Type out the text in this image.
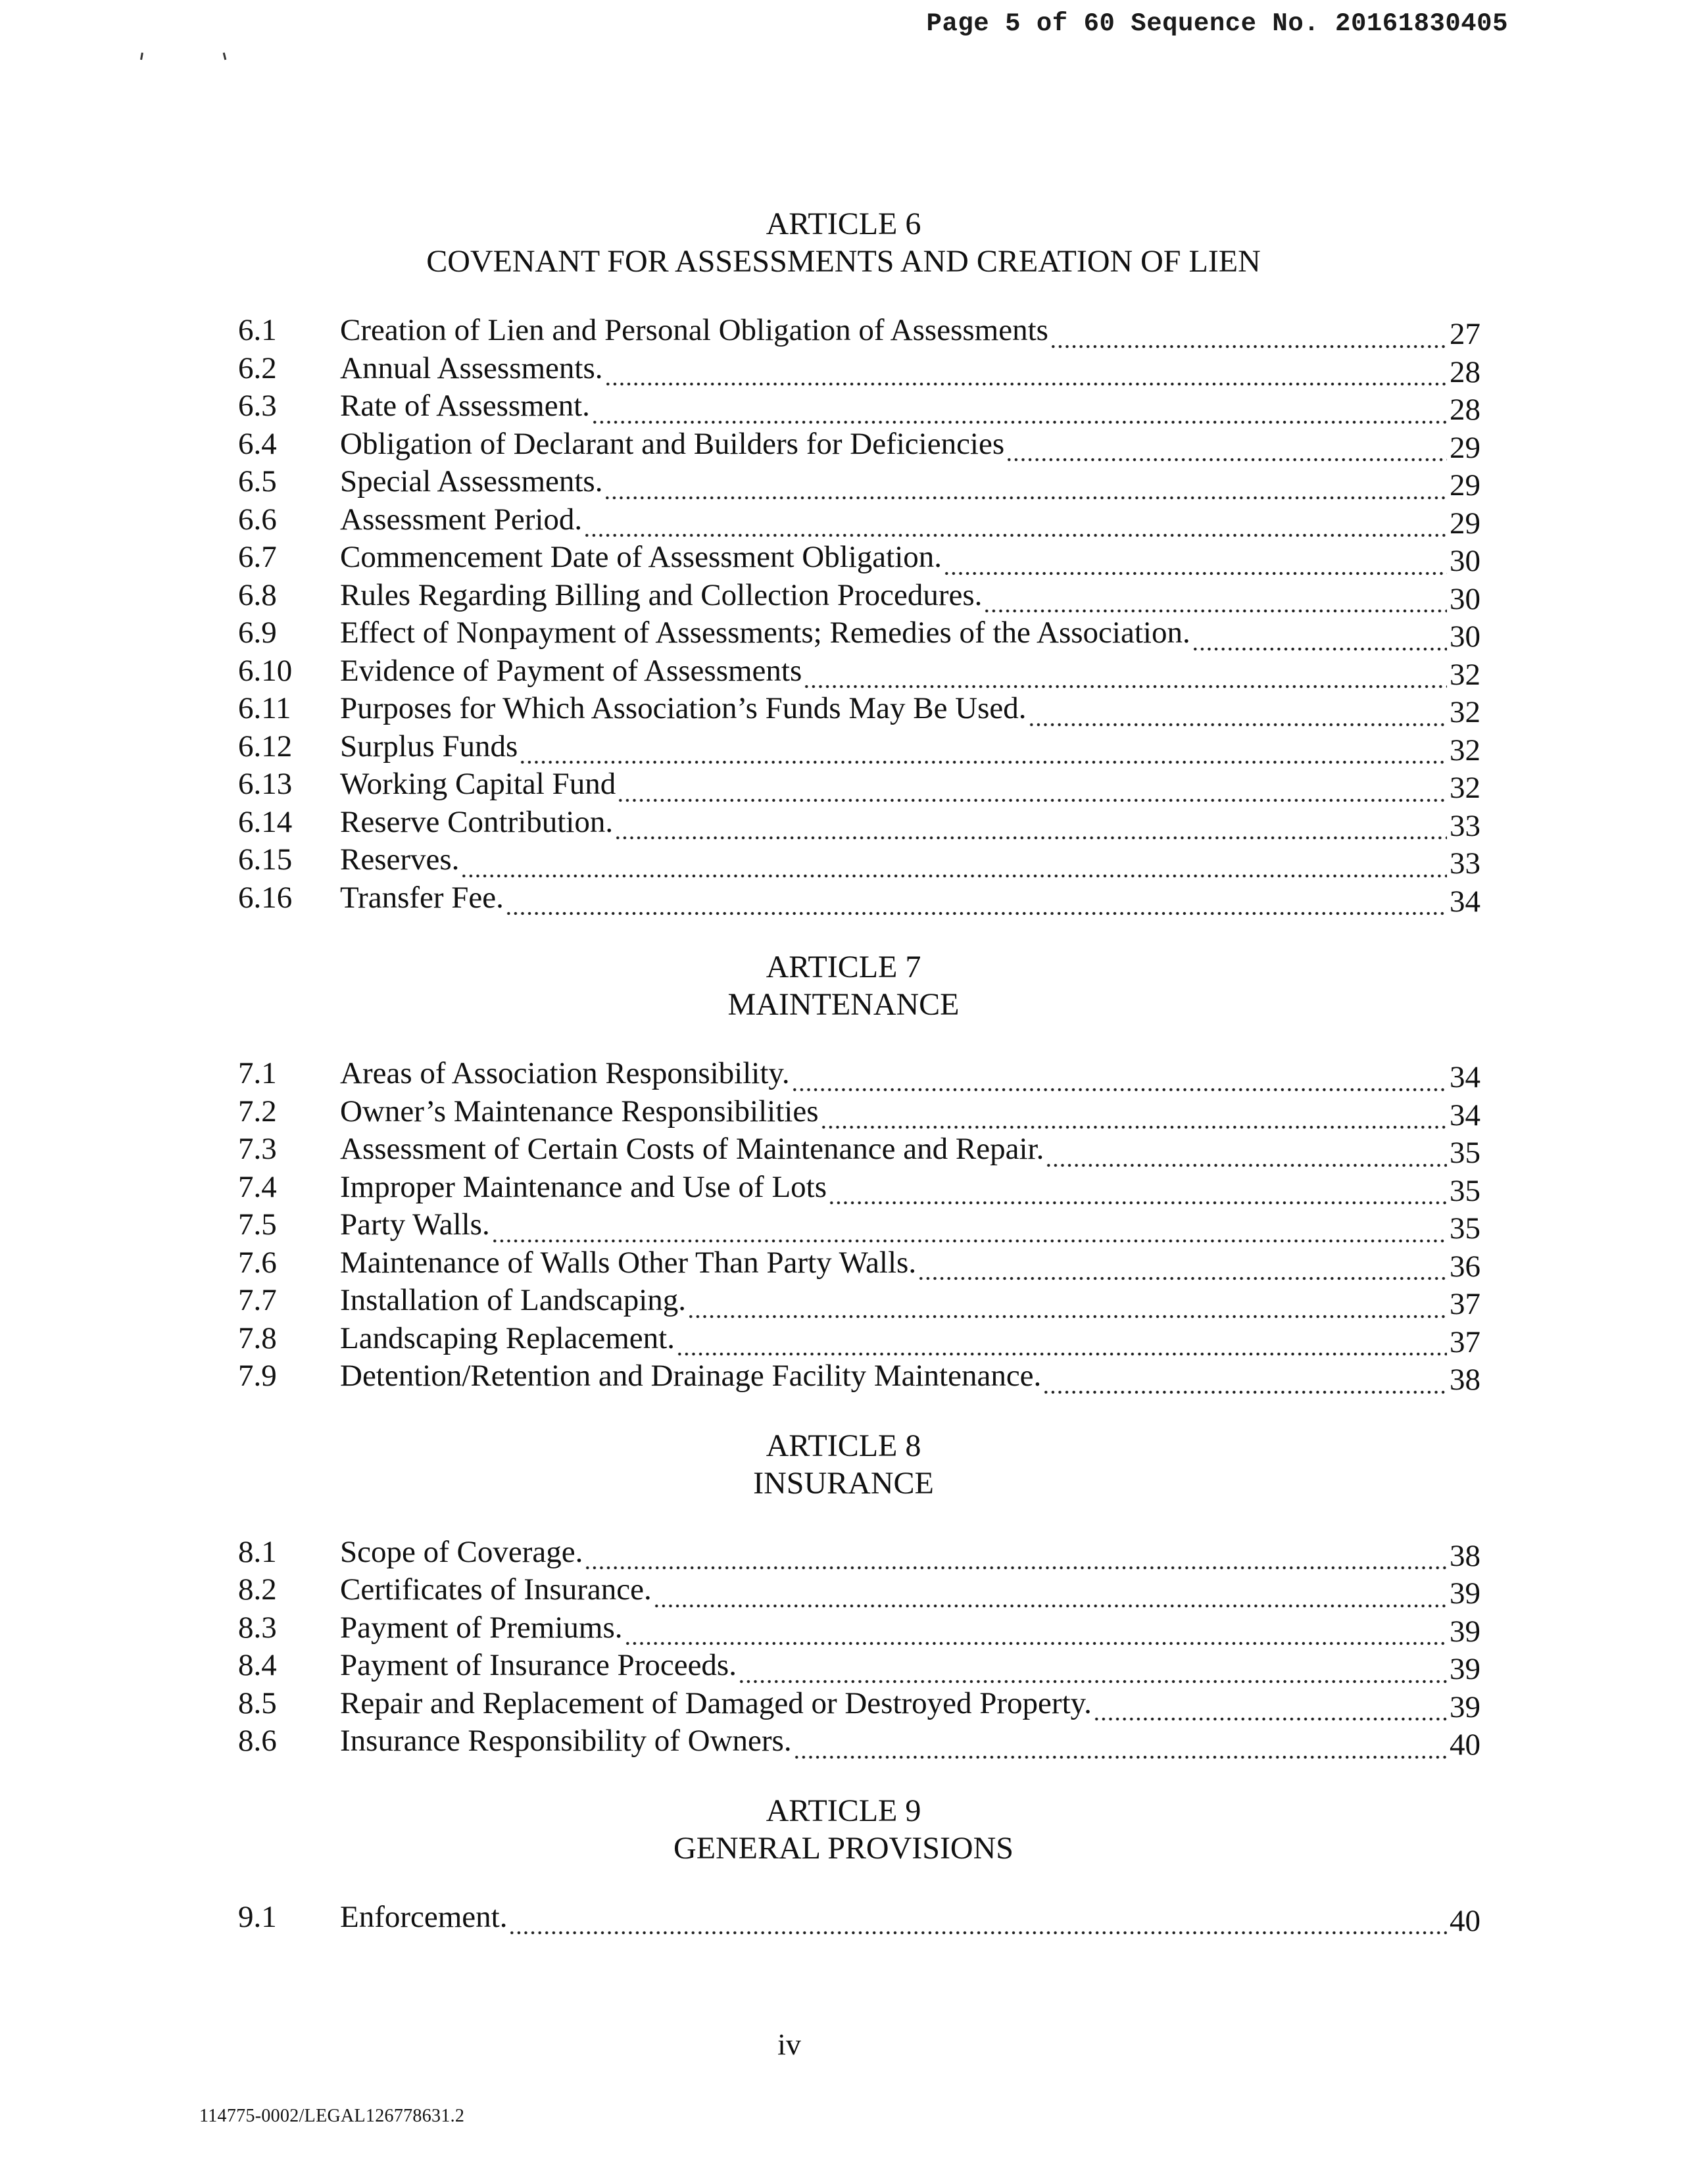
Page 5 of 60 Sequence No. 20161830405
ARTICLE 6
COVENANT FOR ASSESSMENTS AND CREATION OF LIEN
6.1	Creation of Lien and Personal Obligation of Assessments	27
6.2	Annual Assessments.	28
6.3	Rate of Assessment.	28
6.4	Obligation of Declarant and Builders for Deficiencies	29
6.5	Special Assessments.	29
6.6	Assessment Period.	29
6.7	Commencement Date of Assessment Obligation.	30
6.8	Rules Regarding Billing and Collection Procedures.	30
6.9	Effect of Nonpayment of Assessments; Remedies of the Association.	30
6.10	Evidence of Payment of Assessments	32
6.11	Purposes for Which Association’s Funds May Be Used.	32
6.12	Surplus Funds	32
6.13	Working Capital Fund	32
6.14	Reserve Contribution.	33
6.15	Reserves.	33
6.16	Transfer Fee.	34
ARTICLE 7
MAINTENANCE
7.1	Areas of Association Responsibility.	34
7.2	Owner’s Maintenance Responsibilities	34
7.3	Assessment of Certain Costs of Maintenance and Repair.	35
7.4	Improper Maintenance and Use of Lots	35
7.5	Party Walls.	35
7.6	Maintenance of Walls Other Than Party Walls.	36
7.7	Installation of Landscaping.	37
7.8	Landscaping Replacement.	37
7.9	Detention/Retention and Drainage Facility Maintenance.	38
ARTICLE 8
INSURANCE
8.1	Scope of Coverage.	38
8.2	Certificates of Insurance.	39
8.3	Payment of Premiums.	39
8.4	Payment of Insurance Proceeds.	39
8.5	Repair and Replacement of Damaged or Destroyed Property.	39
8.6	Insurance Responsibility of Owners.	40
ARTICLE 9
GENERAL PROVISIONS
9.1	Enforcement.	40
iv
114775-0002/LEGAL126778631.2
